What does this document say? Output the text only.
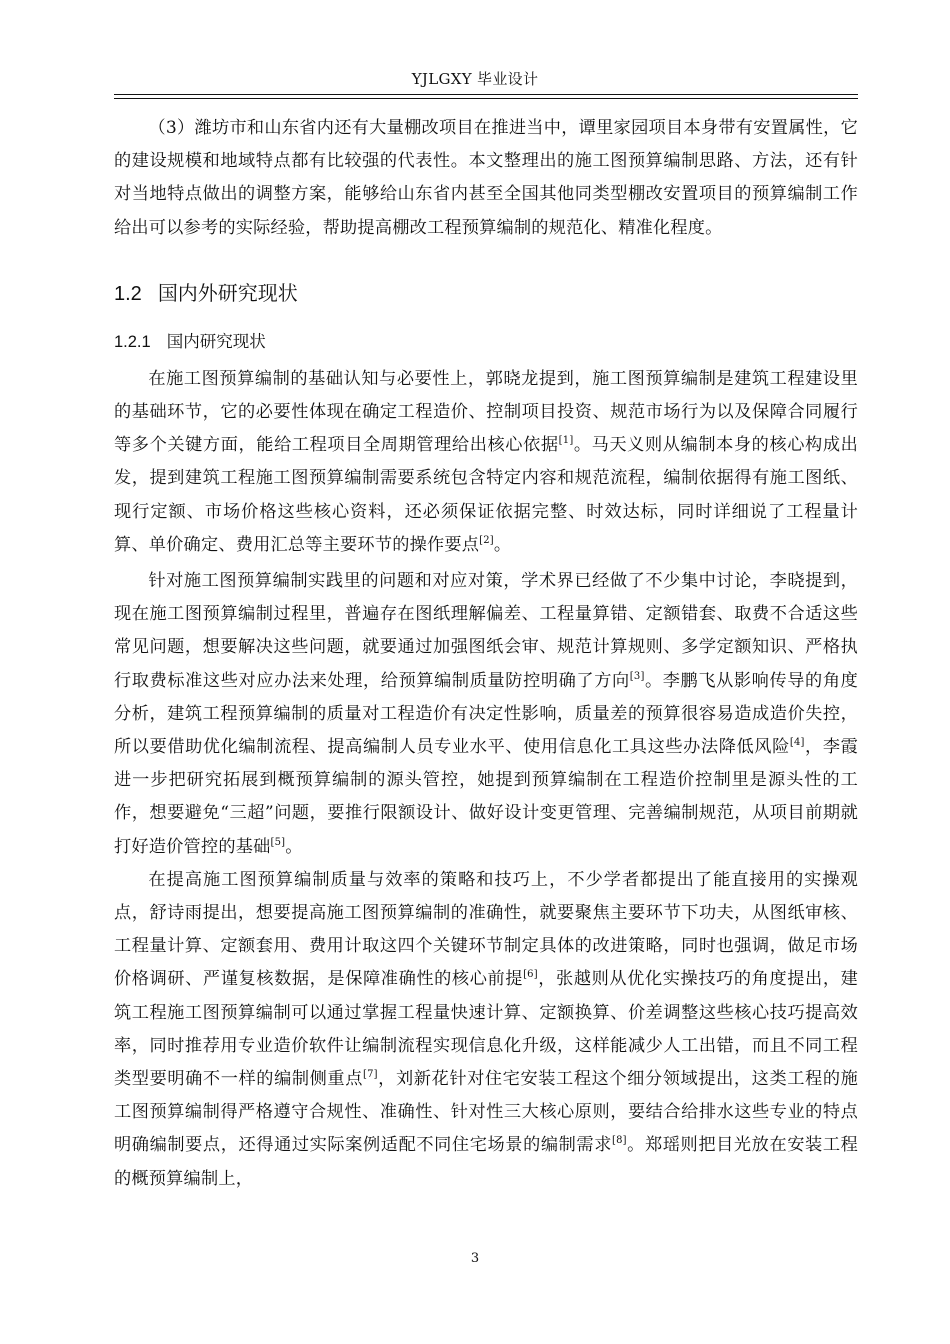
YJLGXY 毕业设计

（3）潍坊市和山东省内还有大量棚改项目在推进当中，谭里家园项目本身带有安置属性，它的建设规模和地域特点都有比较强的代表性。本文整理出的施工图预算编制思路、方法，还有针对当地特点做出的调整方案，能够给山东省内甚至全国其他同类型棚改安置项目的预算编制工作给出可以参考的实际经验，帮助提高棚改工程预算编制的规范化、精准化程度。

1.2 国内外研究现状
1.2.1 国内研究现状

在施工图预算编制的基础认知与必要性上，郭晓龙提到，施工图预算编制是建筑工程建设里的基础环节，它的必要性体现在确定工程造价、控制项目投资、规范市场行为以及保障合同履行等多个关键方面，能给工程项目全周期管理给出核心依据[1]。马天义则从编制本身的核心构成出发，提到建筑工程施工图预算编制需要系统包含特定内容和规范流程，编制依据得有施工图纸、现行定额、市场价格这些核心资料，还必须保证依据完整、时效达标，同时详细说了工程量计算、单价确定、费用汇总等主要环节的操作要点[2]。

针对施工图预算编制实践里的问题和对应对策，学术界已经做了不少集中讨论，李晓提到，现在施工图预算编制过程里，普遍存在图纸理解偏差、工程量算错、定额错套、取费不合适这些常见问题，想要解决这些问题，就要通过加强图纸会审、规范计算规则、多学定额知识、严格执行取费标准这些对应办法来处理，给预算编制质量防控明确了方向[3]。李鹏飞从影响传导的角度分析，建筑工程预算编制的质量对工程造价有决定性影响，质量差的预算很容易造成造价失控，所以要借助优化编制流程、提高编制人员专业水平、使用信息化工具这些办法降低风险[4]，李霞进一步把研究拓展到概预算编制的源头管控，她提到预算编制在工程造价控制里是源头性的工作，想要避免“三超”问题，要推行限额设计、做好设计变更管理、完善编制规范，从项目前期就打好造价管控的基础[5]。

在提高施工图预算编制质量与效率的策略和技巧上，不少学者都提出了能直接用的实操观点，舒诗雨提出，想要提高施工图预算编制的准确性，就要聚焦主要环节下功夫，从图纸审核、工程量计算、定额套用、费用计取这四个关键环节制定具体的改进策略，同时也强调，做足市场价格调研、严谨复核数据，是保障准确性的核心前提[6]，张越则从优化实操技巧的角度提出，建筑工程施工图预算编制可以通过掌握工程量快速计算、定额换算、价差调整这些核心技巧提高效率，同时推荐用专业造价软件让编制流程实现信息化升级，这样能减少人工出错，而且不同工程类型要明确不一样的编制侧重点[7]，刘新花针对住宅安装工程这个细分领域提出，这类工程的施工图预算编制得严格遵守合规性、准确性、针对性三大核心原则，要结合给排水这些专业的特点明确编制要点，还得通过实际案例适配不同住宅场景的编制需求[8]。郑瑶则把目光放在安装工程的概预算编制上，

3
